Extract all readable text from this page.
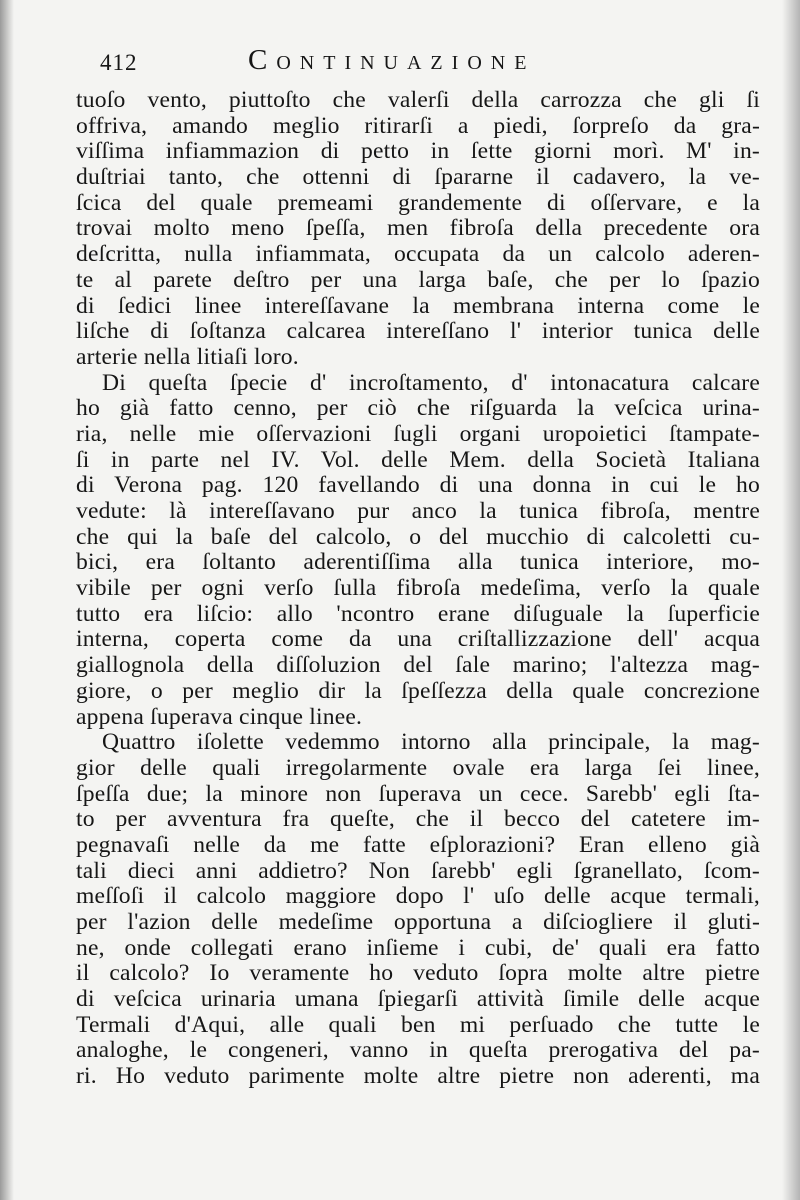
412	Continuazione
tuoſo vento, piuttoſto che valerſi della carrozza che gli ſi
offriva, amando meglio ritirarſi a piedi, ſorpreſo da gra-
viſſima infiammazion di petto in ſette giorni morì. M' in-
duſtriai tanto, che ottenni di ſpararne il cadavero, la ve-
ſcica del quale premeami grandemente di oſſervare, e la
trovai molto meno ſpeſſa, men fibroſa della precedente ora
deſcritta, nulla infiammata, occupata da un calcolo aderen-
te al parete deſtro per una larga baſe, che per lo ſpazio
di ſedici linee intereſſavane la membrana interna come le
liſche di ſoſtanza calcarea intereſſano l' interior tunica delle
arterie nella litiaſi loro.
Di queſta ſpecie d' incroſtamento, d' intonacatura calcare
ho già fatto cenno, per ciò che riſguarda la veſcica urina-
ria, nelle mie oſſervazioni ſugli organi uropoietici ſtampate-
ſi in parte nel IV. Vol. delle Mem. della Società Italiana
di Verona pag. 120 favellando di una donna in cui le ho
vedute: là intereſſavano pur anco la tunica fibroſa, mentre
che qui la baſe del calcolo, o del mucchio di calcoletti cu-
bici, era ſoltanto aderentiſſima alla tunica interiore, mo-
vibile per ogni verſo ſulla fibroſa medeſima, verſo la quale
tutto era liſcio: allo 'ncontro erane diſuguale la ſuperficie
interna, coperta come da una criſtallizzazione dell' acqua
giallognola della diſſoluzion del ſale marino; l'altezza mag-
giore, o per meglio dir la ſpeſſezza della quale concrezione
appena ſuperava cinque linee.
Quattro iſolette vedemmo intorno alla principale, la mag-
gior delle quali irregolarmente ovale era larga ſei linee,
ſpeſſa due; la minore non ſuperava un cece. Sarebb' egli ſta-
to per avventura fra queſte, che il becco del catetere im-
pegnavaſi nelle da me fatte eſplorazioni? Eran elleno già
tali dieci anni addietro? Non ſarebb' egli ſgranellato, ſcom-
meſſoſi il calcolo maggiore dopo l' uſo delle acque termali,
per l'azion delle medeſime opportuna a diſciogliere il gluti-
ne, onde collegati erano inſieme i cubi, de' quali era fatto
il calcolo? Io veramente ho veduto ſopra molte altre pietre
di veſcica urinaria umana ſpiegarſi attività ſimile delle acque
Termali d'Aqui, alle quali ben mi perſuado che tutte le
analoghe, le congeneri, vanno in queſta prerogativa del pa-
ri. Ho veduto parimente molte altre pietre non aderenti, ma
